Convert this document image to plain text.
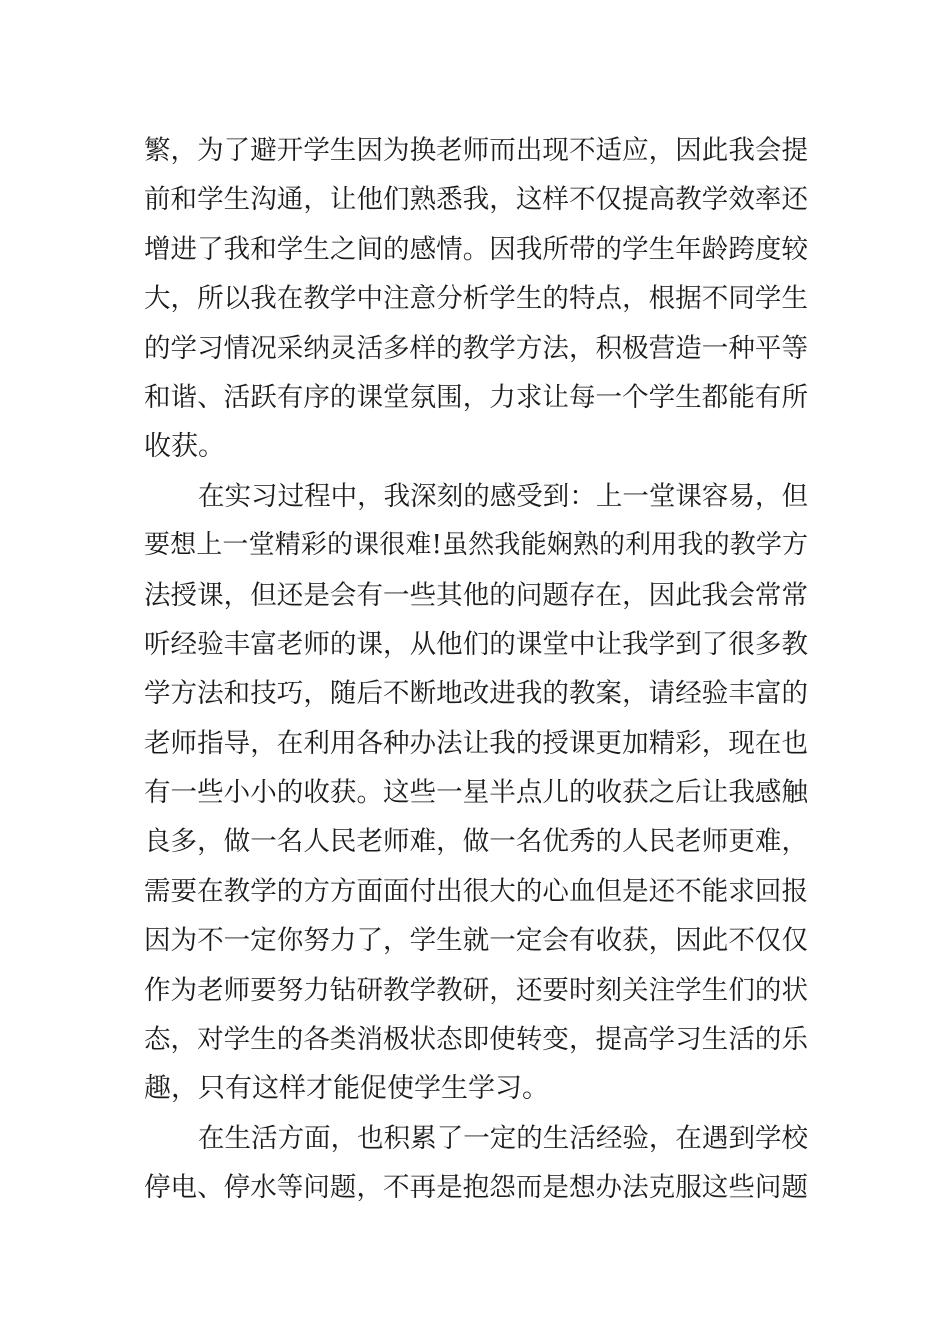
繁，为了避开学生因为换老师而出现不适应，因此我会提
前和学生沟通，让他们熟悉我，这样不仅提高教学效率还
增进了我和学生之间的感情。因我所带的学生年龄跨度较
大，所以我在教学中注意分析学生的特点，根据不同学生
的学习情况采纳灵活多样的教学方法，积极营造一种平等
和谐、活跃有序的课堂氛围，力求让每一个学生都能有所
收获。
在实习过程中，我深刻的感受到：上一堂课容易，但
要想上一堂精彩的课很难!虽然我能娴熟的利用我的教学方
法授课，但还是会有一些其他的问题存在，因此我会常常
听经验丰富老师的课，从他们的课堂中让我学到了很多教
学方法和技巧，随后不断地改进我的教案，请经验丰富的
老师指导，在利用各种办法让我的授课更加精彩，现在也
有一些小小的收获。这些一星半点儿的收获之后让我感触
良多，做一名人民老师难，做一名优秀的人民老师更难，
需要在教学的方方面面付出很大的心血但是还不能求回报
因为不一定你努力了，学生就一定会有收获，因此不仅仅
作为老师要努力钻研教学教研，还要时刻关注学生们的状
态，对学生的各类消极状态即使转变，提高学习生活的乐
趣，只有这样才能促使学生学习。
在生活方面，也积累了一定的生活经验，在遇到学校
停电、停水等问题，不再是抱怨而是想办法克服这些问题
